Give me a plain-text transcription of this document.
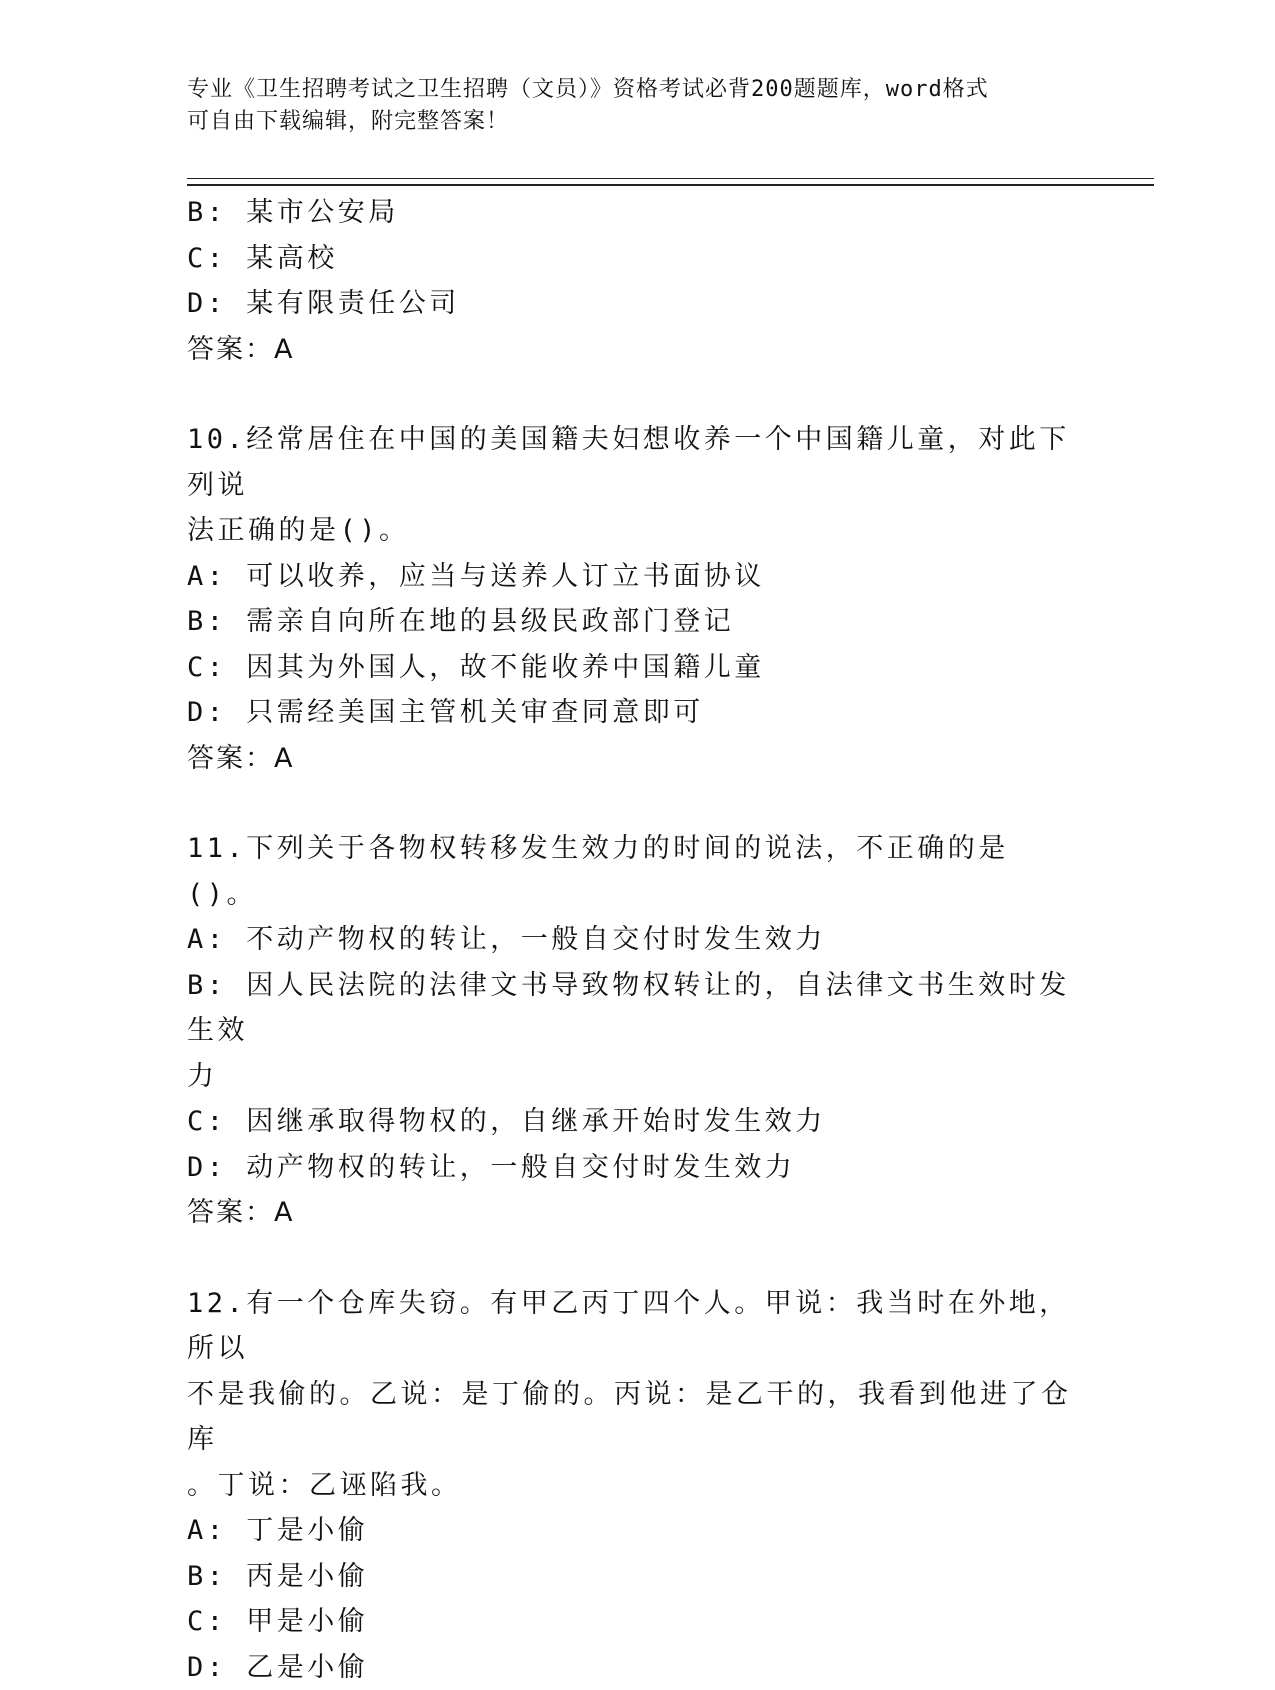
专业《卫生招聘考试之卫生招聘（文员）》资格考试必背200题题库，word格式
可自由下载编辑，附完整答案！

B: 某市公安局

C: 某高校

D: 某有限责任公司

答案：A

10.经常居住在中国的美国籍夫妇想收养一个中国籍儿童，对此下列说

法正确的是()。

A: 可以收养，应当与送养人订立书面协议

B: 需亲自向所在地的县级民政部门登记

C: 因其为外国人，故不能收养中国籍儿童

D: 只需经美国主管机关审查同意即可

答案：A

11.下列关于各物权转移发生效力的时间的说法，不正确的是()。

A: 不动产物权的转让，一般自交付时发生效力

B: 因人民法院的法律文书导致物权转让的，自法律文书生效时发生效

力

C: 因继承取得物权的，自继承开始时发生效力

D: 动产物权的转让，一般自交付时发生效力

答案：A

12.有一个仓库失窃。有甲乙丙丁四个人。甲说：我当时在外地，所以

不是我偷的。乙说：是丁偷的。丙说：是乙干的，我看到他进了仓库

。丁说：乙诬陷我。

A: 丁是小偷

B: 丙是小偷

C: 甲是小偷

D: 乙是小偷
